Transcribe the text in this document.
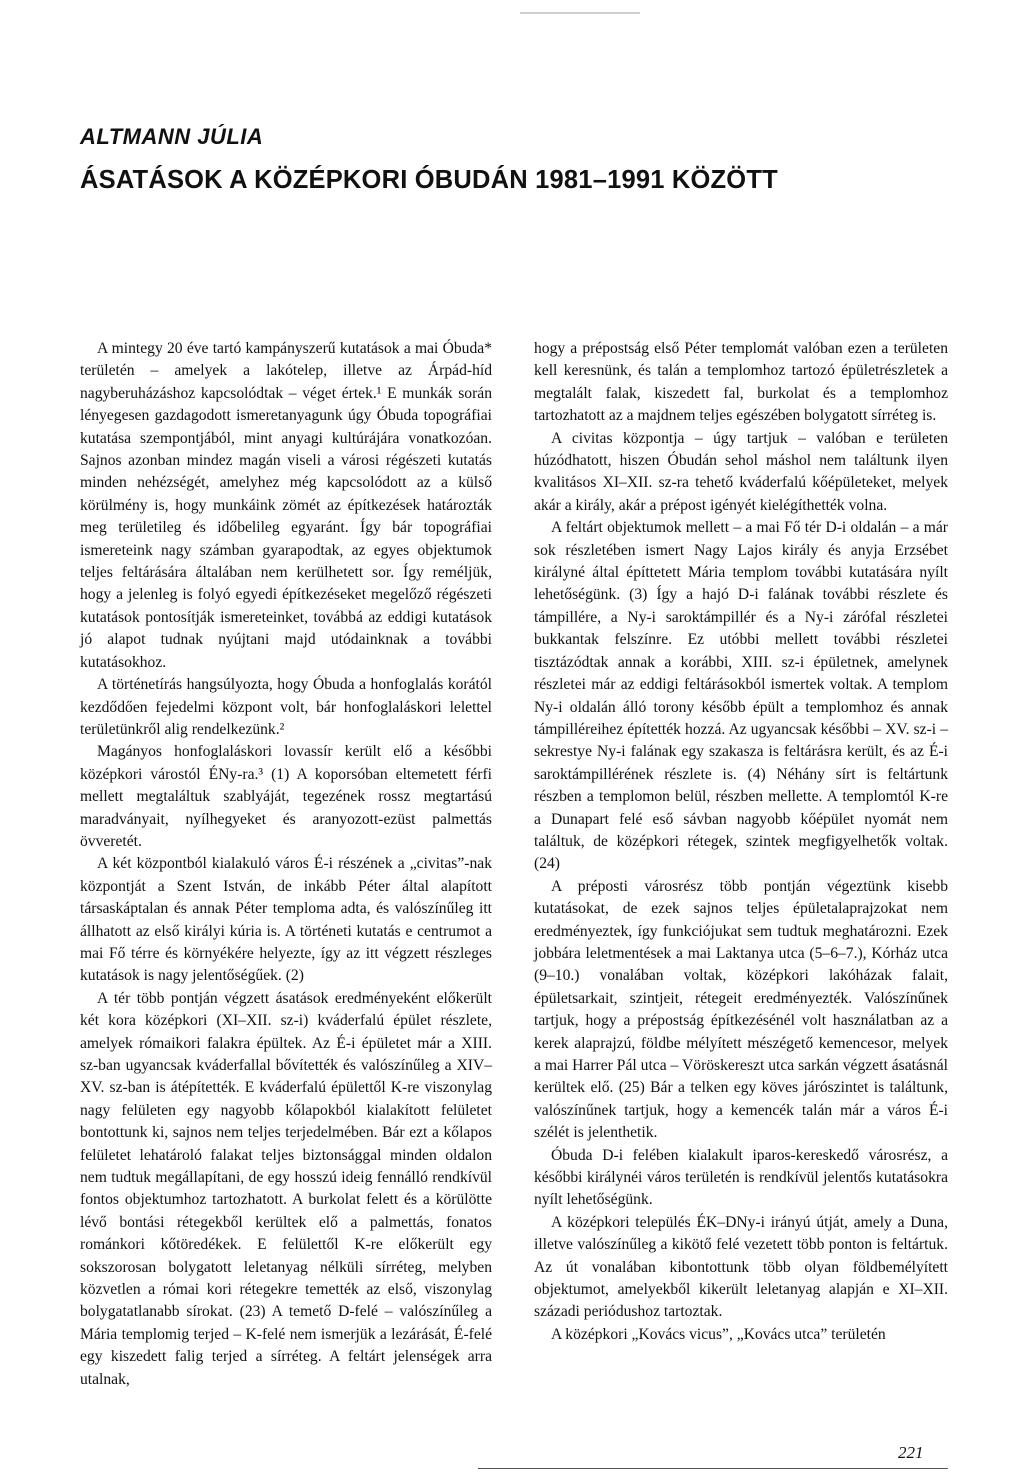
ALTMANN JÚLIA
ÁSATÁSOK A KÖZÉPKORI ÓBUDÁN 1981–1991 KÖZÖTT

A mintegy 20 éve tartó kampányszerű kutatások a mai Óbuda* területén – amelyek a lakótelep, illetve az Árpád-híd nagyberuházáshoz kapcsolódtak – véget értek.¹ E munkák során lényegesen gazdagodott ismeretanyagunk úgy Óbuda topográfiai kutatása szempontjából, mint anyagi kultúrájára vonatkozóan. Sajnos azonban mindez magán viseli a városi régészeti kutatás minden nehézségét, amelyhez még kapcsolódott az a külső körülmény is, hogy munkáink zömét az építkezések határozták meg területileg és időbelileg egyaránt. Így bár topográfiai ismereteink nagy számban gyarapodtak, az egyes objektumok teljes feltárására általában nem kerülhetett sor. Így reméljük, hogy a jelenleg is folyó egyedi építkezéseket megelőző régészeti kutatások pontosítják ismereteinket, továbbá az eddigi kutatások jó alapot tudnak nyújtani majd utódainknak a további kutatásokhoz.

A történetírás hangsúlyozta, hogy Óbuda a honfoglalás korától kezdődően fejedelmi központ volt, bár honfoglaláskori lelettel területünkről alig rendelkezünk.²

Magányos honfoglaláskori lovassír került elő a későbbi középkori várostól ÉNy-ra.³ (1) A koporsóban eltemetett férfi mellett megtaláltuk szablyáját, tegezének rossz megtartású maradványait, nyílhegyeket és aranyozott-ezüst palmettás övveretét.

A két központból kialakuló város É-i részének a „civitas”-nak központját a Szent István, de inkább Péter által alapított társaskáptalan és annak Péter temploma adta, és valószínűleg itt állhatott az első királyi kúria is. A történeti kutatás e centrumot a mai Fő térre és környékére helyezte, így az itt végzett részleges kutatások is nagy jelentőségűek. (2)

A tér több pontján végzett ásatások eredményeként előkerült két kora középkori (XI–XII. sz-i) kváderfalú épület részlete, amelyek rómaikori falakra épültek. Az É-i épületet már a XIII. sz-ban ugyancsak kváderfallal bővítették és valószínűleg a XIV–XV. sz-ban is átépítették. E kváderfalú épülettől K-re viszonylag nagy felületen egy nagyobb kőlapokból kialakított felületet bontottunk ki, sajnos nem teljes terjedelmében. Bár ezt a kőlapos felületet lehatároló falakat teljes biztonsággal minden oldalon nem tudtuk megállapítani, de egy hosszú ideig fennálló rendkívül fontos objektumhoz tartozhatott. A burkolat felett és a körülötte lévő bontási rétegekből kerültek elő a palmettás, fonatos románkori kőtöredékek. E felülettől K-re előkerült egy sokszorosan bolygatott leletanyag nélküli sírréteg, melyben közvetlen a római kori rétegekre temették az első, viszonylag bolygatatlanabb sírokat. (23) A temető D-felé – valószínűleg a Mária templomig terjed – K-felé nem ismerjük a lezárását, É-felé egy kiszedett falig terjed a sírréteg. A feltárt jelenségek arra utalnak,

hogy a prépostság első Péter templomát valóban ezen a területen kell keresnünk, és talán a templomhoz tartozó épületrészletek a megtalált falak, kiszedett fal, burkolat és a templomhoz tartozhatott az a majdnem teljes egészében bolygatott sírréteg is.

A civitas központja – úgy tartjuk – valóban e területen húzódhatott, hiszen Óbudán sehol máshol nem találtunk ilyen kvalitásos XI–XII. sz-ra tehető kváderfalú kőépületeket, melyek akár a király, akár a prépost igényét kielégíthették volna.

A feltárt objektumok mellett – a mai Fő tér D-i oldalán – a már sok részletében ismert Nagy Lajos király és anyja Erzsébet királyné által építtetett Mária templom további kutatására nyílt lehetőségünk. (3) Így a hajó D-i falának további részlete és támpillére, a Ny-i saroktámpillér és a Ny-i zárófal részletei bukkantak felszínre. Ez utóbbi mellett további részletei tisztázódtak annak a korábbi, XIII. sz-i épületnek, amelynek részletei már az eddigi feltárásokból ismertek voltak. A templom Ny-i oldalán álló torony később épült a templomhoz és annak támpilléreihez építették hozzá. Az ugyancsak későbbi – XV. sz-i – sekrestye Ny-i falának egy szakasza is feltárásra került, és az É-i saroktámpillérének részlete is. (4) Néhány sírt is feltártunk részben a templomon belül, részben mellette. A templomtól K-re a Dunapart felé eső sávban nagyobb kőépület nyomát nem találtuk, de középkori rétegek, szintek megfigyelhetők voltak. (24)

A préposti városrész több pontján végeztünk kisebb kutatásokat, de ezek sajnos teljes épületalaprajzokat nem eredményeztek, így funkciójukat sem tudtuk meghatározni. Ezek jobbára leletmentések a mai Laktanya utca (5–6–7.), Kórház utca (9–10.) vonalában voltak, középkori lakóházak falait, épületsarkait, szintjeit, rétegeit eredményezték. Valószínűnek tartjuk, hogy a prépostság építkezésénél volt használatban az a kerek alaprajzú, földbe mélyített mészégető kemencesor, melyek a mai Harrer Pál utca – Vöröskereszt utca sarkán végzett ásatásnál kerültek elő. (25) Bár a telken egy köves járószintet is találtunk, valószínűnek tartjuk, hogy a kemencék talán már a város É-i szélét is jelenthetik.

Óbuda D-i felében kialakult iparos-kereskedő városrész, a későbbi királynéi város területén is rendkívül jelentős kutatásokra nyílt lehetőségünk.

A középkori település ÉK–DNy-i irányú útját, amely a Duna, illetve valószínűleg a kikötő felé vezetett több ponton is feltártuk. Az út vonalában kibontottunk több olyan földbemélyített objektumot, amelyekből kikerült leletanyag alapján e XI–XII. századi periódushoz tartoztak.

A középkori „Kovács vicus”, „Kovács utca” területén

221
